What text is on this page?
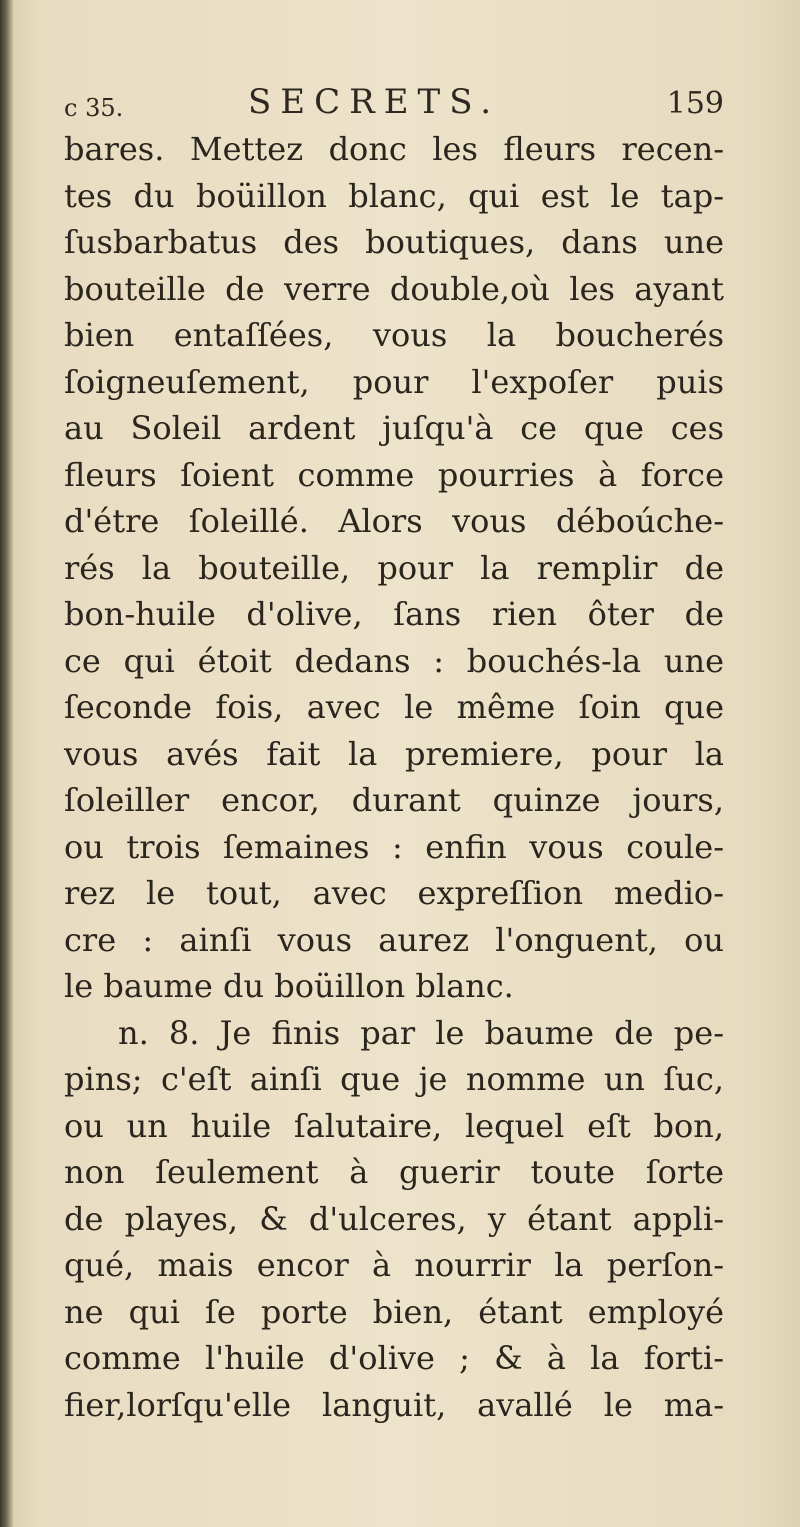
c 35.	SECRETS.	159
bares. Mettez donc les fleurs recen-
tes du boüillon blanc, qui est le tap-
ſusbarbatus des boutiques, dans une
bouteille de verre double,où les ayant
bien entaſſées, vous la boucherés
ſoigneuſement, pour l'expoſer puis
au Soleil ardent juſqu'à ce que ces
fleurs ſoient comme pourries à force
d'étre ſoleillé. Alors vous déboúche-
rés la bouteille, pour la remplir de
bon-huile d'olive, ſans rien ôter de
ce qui étoit dedans : bouchés-la une
ſeconde fois, avec le même ſoin que
vous avés fait la premiere, pour la
ſoleiller encor, durant quinze jours,
ou trois ſemaines : enfin vous coule-
rez le tout, avec expreſſion medio-
cre : ainſi vous aurez l'onguent, ou
le baume du boüillon blanc.
n. 8. Je finis par le baume de pe-
pins; c'eſt ainſi que je nomme un ſuc,
ou un huile ſalutaire, lequel eſt bon,
non ſeulement à guerir toute ſorte
de playes, & d'ulceres, y étant appli-
qué, mais encor à nourrir la perſon-
ne qui ſe porte bien, étant employé
comme l'huile d'olive ; & à la forti-
fier,lorſqu'elle languit, avallé le ma-
